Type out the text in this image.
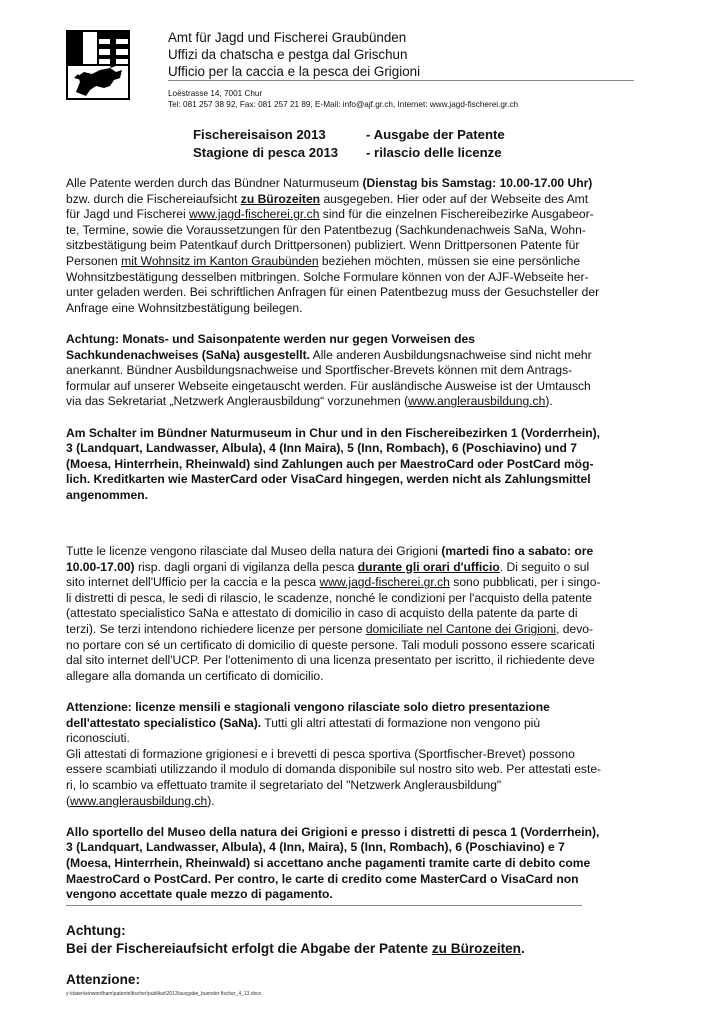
Amt für Jagd und Fischerei Graubünden

Uffizi da chatscha e pestga dal Grischun

Ufficio per la caccia e la pesca dei Grigioni

Loëstrasse 14, 7001 Chur
Tel: 081 257 38 92, Fax: 081 257 21 89, E-Mail: info@ajf.gr.ch, Internet: www.jagd-fischerei.gr.ch
Fischereisaison 2013	- Ausgabe der Patente
Stagione di pesca 2013	- rilascio delle licenze

Alle Patente werden durch das Bündner Naturmuseum (Dienstag bis Samstag: 10.00-17.00 Uhr)
bzw. durch die Fischereiaufsicht zu Bürozeiten ausgegeben. Hier oder auf der Webseite des Amt
für Jagd und Fischerei www.jagd-fischerei.gr.ch sind für die einzelnen Fischereibezirke Ausgabeor-
te, Termine, sowie die Voraussetzungen für den Patentbezug (Sachkundenachweis SaNa, Wohn-
sitzbestätigung beim Patentkauf durch Drittpersonen) publiziert. Wenn Drittpersonen Patente für
Personen mit Wohnsitz im Kanton Graubünden beziehen möchten, müssen sie eine persönliche
Wohnsitzbestätigung desselben mitbringen. Solche Formulare können von der AJF-Webseite her-
unter geladen werden. Bei schriftlichen Anfragen für einen Patentbezug muss der Gesuchsteller der
Anfrage eine Wohnsitzbestätigung beilegen.

Achtung: Monats- und Saisonpatente werden nur gegen Vorweisen des
Sachkundenachweises (SaNa) ausgestellt. Alle anderen Ausbildungsnachweise sind nicht mehr
anerkannt. Bündner Ausbildungsnachweise und Sportfischer-Brevets können mit dem Antrags-
formular auf unserer Webseite eingetauscht werden. Für ausländische Ausweise ist der Umtausch
via das Sekretariat „Netzwerk Anglerausbildung“ vorzunehmen (www.anglerausbildung.ch).

Am Schalter im Bündner Naturmuseum in Chur und in den Fischereibezirken 1 (Vorderrhein),
3 (Landquart, Landwasser, Albula), 4 (Inn Maira), 5 (Inn, Rombach), 6 (Poschiavino) und 7
(Moesa, Hinterrhein, Rheinwald) sind Zahlungen auch per MaestroCard oder PostCard mög-
lich. Kreditkarten wie MasterCard oder VisaCard hingegen, werden nicht als Zahlungsmittel
angenommen.

Tutte le licenze vengono rilasciate dal Museo della natura dei Grigioni (martedi fino a sabato: ore
10.00-17.00) risp. dagli organi di vigilanza della pesca durante gli orari d'ufficio. Di seguito o sul
sito internet dell'Ufficio per la caccia e la pesca www.jagd-fischerei.gr.ch sono pubblicati, per i singo-
li distretti di pesca, le sedi di rilascio, le scadenze, nonché le condizioni per l'acquisto della patente
(attestato specialistico SaNa e attestato di domicilio in caso di acquisto della patente da parte di
terzi). Se terzi intendono richiedere licenze per persone domiciliate nel Cantone dei Grigioni, devo-
no portare con sé un certificato di domicilio di queste persone. Tali moduli possono essere scaricati
dal sito internet dell'UCP. Per l'ottenimento di una licenza presentato per iscritto, il richiedente deve
allegare alla domanda un certificato di domicilio.

Attenzione: licenze mensili e stagionali vengono rilasciate solo dietro presentazione
dell'attestato specialistico (SaNa). Tutti gli altri attestati di formazione non vengono più
riconosciuti.
Gli attestati di formazione grigionesi e i brevetti di pesca sportiva (Sportfischer-Brevet) possono
essere scambiati utilizzando il modulo di domanda disponibile sul nostro sito web. Per attestati este-
ri, lo scambio va effettuato tramite il segretariato del "Netzwerk Anglerausbildung"
(www.anglerausbildung.ch).

Allo sportello del Museo della natura dei Grigioni e presso i distretti di pesca 1 (Vorderrhein),
3 (Landquart, Landwasser, Albula), 4 (Inn, Maira), 5 (Inn, Rombach), 6 (Poschiavino) e 7
(Moesa, Hinterrhein, Rheinwald) si accettano anche pagamenti tramite carte di debito come
MaestroCard o PostCard. Per contro, le carte di credito come MasterCard o VisaCard non
vengono accettate quale mezzo di pagamento.

Achtung:
Bei der Fischereiaufsicht erfolgt die Abgabe der Patente zu Bürozeiten.
Attenzione:
y:\daten\einwordham\patente\fischer\publikat\2013\ausgabe_buender fischer_4_13.docx
